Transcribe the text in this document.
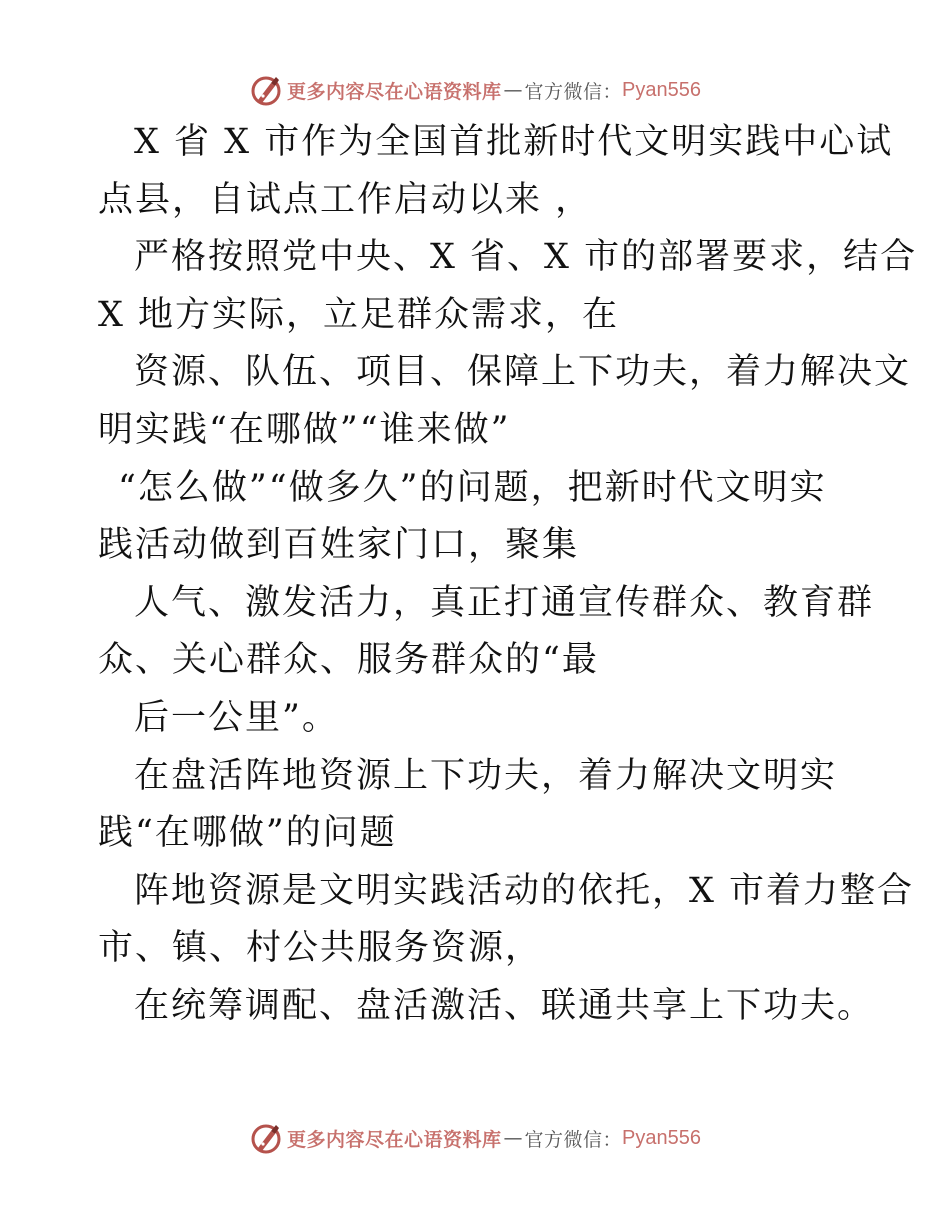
更多内容尽在心语资料库 — 官方微信： Pyan556

X 省 X 市作为全国首批新时代文明实践中心试

点县，自试点工作启动以来 ，

严格按照党中央、X 省、X 市的部署要求，结合

X 地方实际，立足群众需求，在

资源、队伍、项目、保障上下功夫，着力解决文

明实践“在哪做”“谁来做”

“怎么做”“做多久”的问题，把新时代文明实

践活动做到百姓家门口，聚集

人气、激发活力，真正打通宣传群众、教育群

众、关心群众、服务群众的“最

后一公里”。

在盘活阵地资源上下功夫，着力解决文明实

践“在哪做”的问题

阵地资源是文明实践活动的依托，X 市着力整合

市、镇、村公共服务资源，

在统筹调配、盘活激活、联通共享上下功夫。

更多内容尽在心语资料库 — 官方微信： Pyan556
